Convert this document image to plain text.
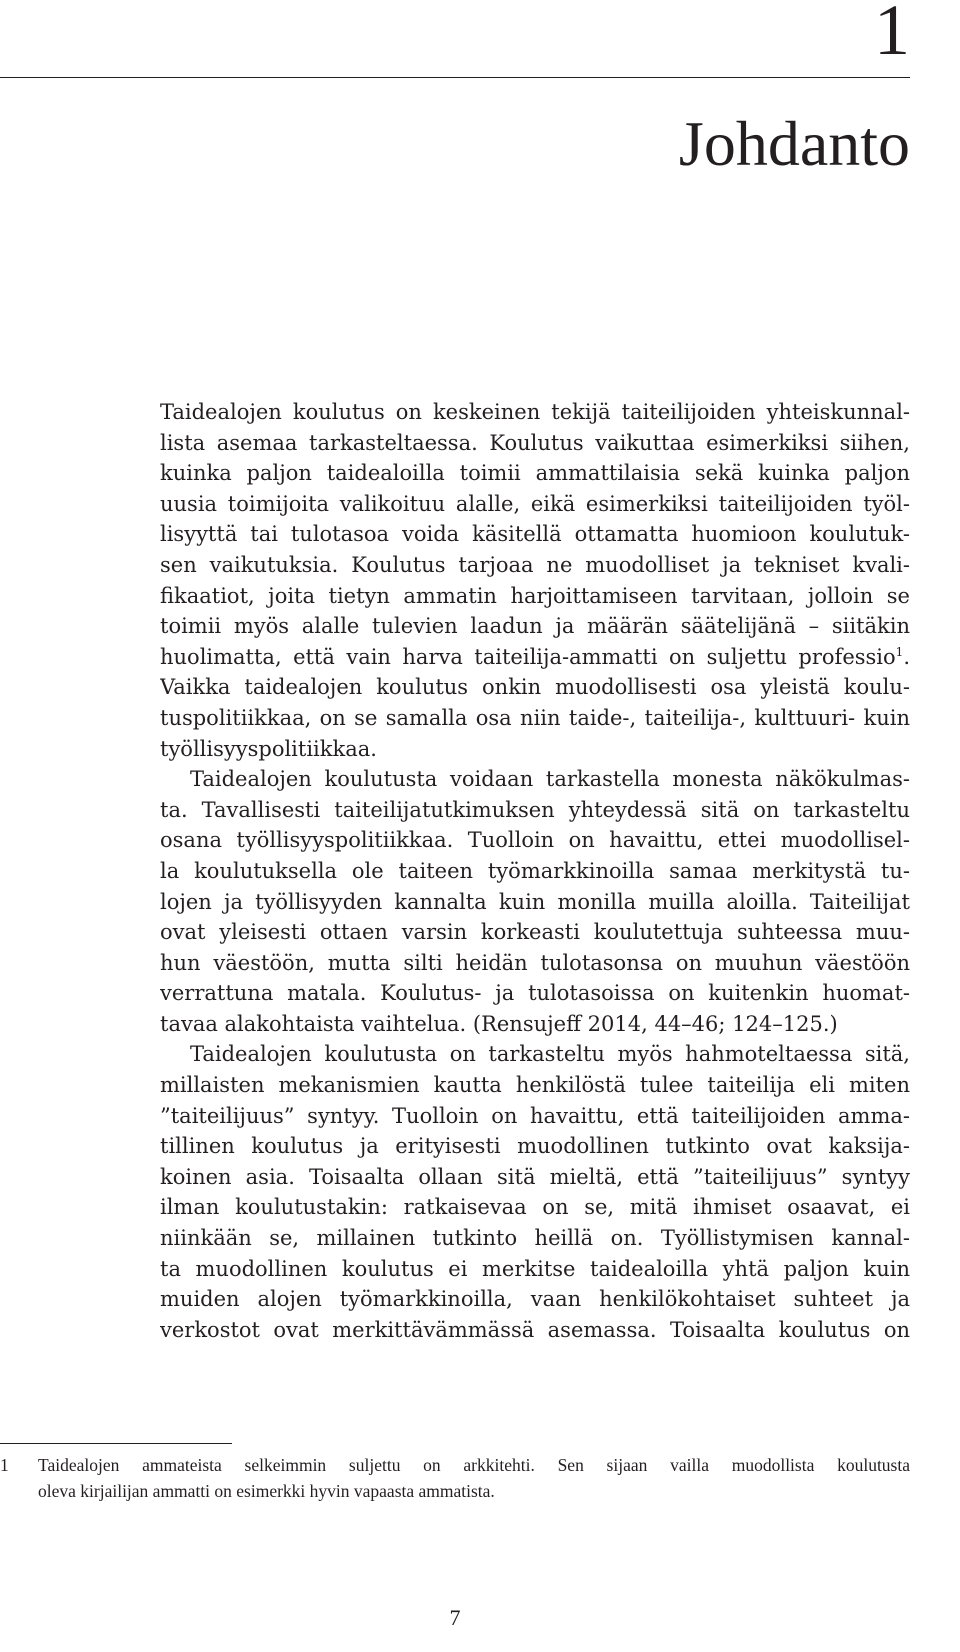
1
Johdanto

Taidealojen koulutus on keskeinen tekijä taiteilijoiden yhteiskunnal-
lista asemaa tarkasteltaessa. Koulutus vaikuttaa esimerkiksi siihen,
kuinka paljon taidealoilla toimii ammattilaisia sekä kuinka paljon
uusia toimijoita valikoituu alalle, eikä esimerkiksi taiteilijoiden työl-
lisyyttä tai tulotasoa voida käsitellä ottamatta huomioon koulutuk-
sen vaikutuksia. Koulutus tarjoaa ne muodolliset ja tekniset kvali-
fikaatiot, joita tietyn ammatin harjoittamiseen tarvitaan, jolloin se
toimii myös alalle tulevien laadun ja määrän säätelijänä – siitäkin
huolimatta, että vain harva taiteilija-ammatti on suljettu professio$^1$.
Vaikka taidealojen koulutus onkin muodollisesti osa yleistä koulu-
tuspolitiikkaa, on se samalla osa niin taide-, taiteilija-, kulttuuri- kuin
työllisyyspolitiikkaa.

Taidealojen koulutusta voidaan tarkastella monesta näkökulmas-
ta. Tavallisesti taiteilijatutkimuksen yhteydessä sitä on tarkasteltu
osana työllisyyspolitiikkaa. Tuolloin on havaittu, ettei muodollisel-
la koulutuksella ole taiteen työmarkkinoilla samaa merkitystä tu-
lojen ja työllisyyden kannalta kuin monilla muilla aloilla. Taiteilijat
ovat yleisesti ottaen varsin korkeasti koulutettuja suhteessa muu-
hun väestöön, mutta silti heidän tulotasonsa on muuhun väestöön
verrattuna matala. Koulutus- ja tulotasoissa on kuitenkin huomat-
tavaa alakohtaista vaihtelua. (Rensujeff 2014, 44–46; 124–125.)

Taidealojen koulutusta on tarkasteltu myös hahmoteltaessa sitä,
millaisten mekanismien kautta henkilöstä tulee taiteilija eli miten
”taiteilijuus” syntyy. Tuolloin on havaittu, että taiteilijoiden amma-
tillinen koulutus ja erityisesti muodollinen tutkinto ovat kaksija-
koinen asia. Toisaalta ollaan sitä mieltä, että ”taiteilijuus” syntyy
ilman koulutustakin: ratkaisevaa on se, mitä ihmiset osaavat, ei
niinkään se, millainen tutkinto heillä on. Työllistymisen kannal-
ta muodollinen koulutus ei merkitse taidealoilla yhtä paljon kuin
muiden alojen työmarkkinoilla, vaan henkilökohtaiset suhteet ja
verkostot ovat merkittävämmässä asemassa. Toisaalta koulutus on

1 Taidealojen ammateista selkeimmin suljettu on arkkitehti. Sen sijaan vailla muodollista koulutusta
oleva kirjailijan ammatti on esimerkki hyvin vapaasta ammatista.
7
